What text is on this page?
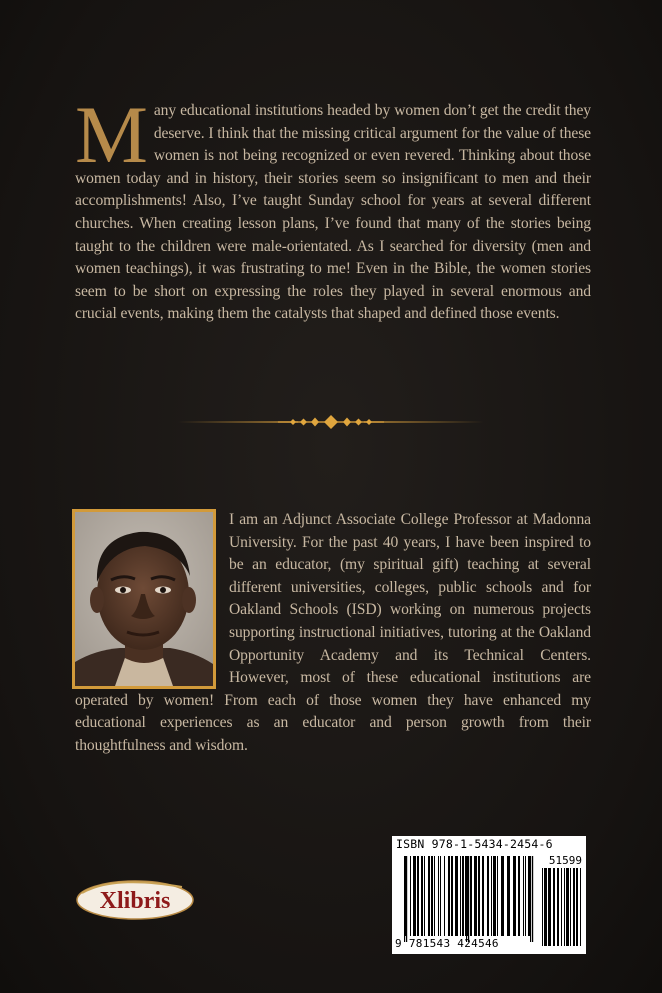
Many educational institutions headed by women don’t get the credit they deserve. I think that the missing critical argument for the value of these women is not being recognized or even revered. Thinking about those women today and in history, their stories seem so insignificant to men and their accomplishments! Also, I’ve taught Sunday school for years at several different churches. When creating lesson plans, I’ve found that many of the stories being taught to the children were male-orientated. As I searched for diversity (men and women teachings), it was frustrating to me! Even in the Bible, the women stories seem to be short on expressing the roles they played in several enormous and crucial events, making them the catalysts that shaped and defined those events.
I am an Adjunct Associate College Professor at Madonna University. For the past 40 years, I have been inspired to be an educator, (my spiritual gift) teaching at several different universities, colleges, public schools and for Oakland Schools (ISD) working on numerous projects supporting instructional initiatives, tutoring at the Oakland Opportunity Academy and its Technical Centers. However, most of these educational institutions are operated by women! From each of those women they have enhanced my educational experiences as an educator and person growth from their thoughtfulness and wisdom.
Xlibris
ISBN 978-1-5434-2454-6
51599
9 781543 424546
